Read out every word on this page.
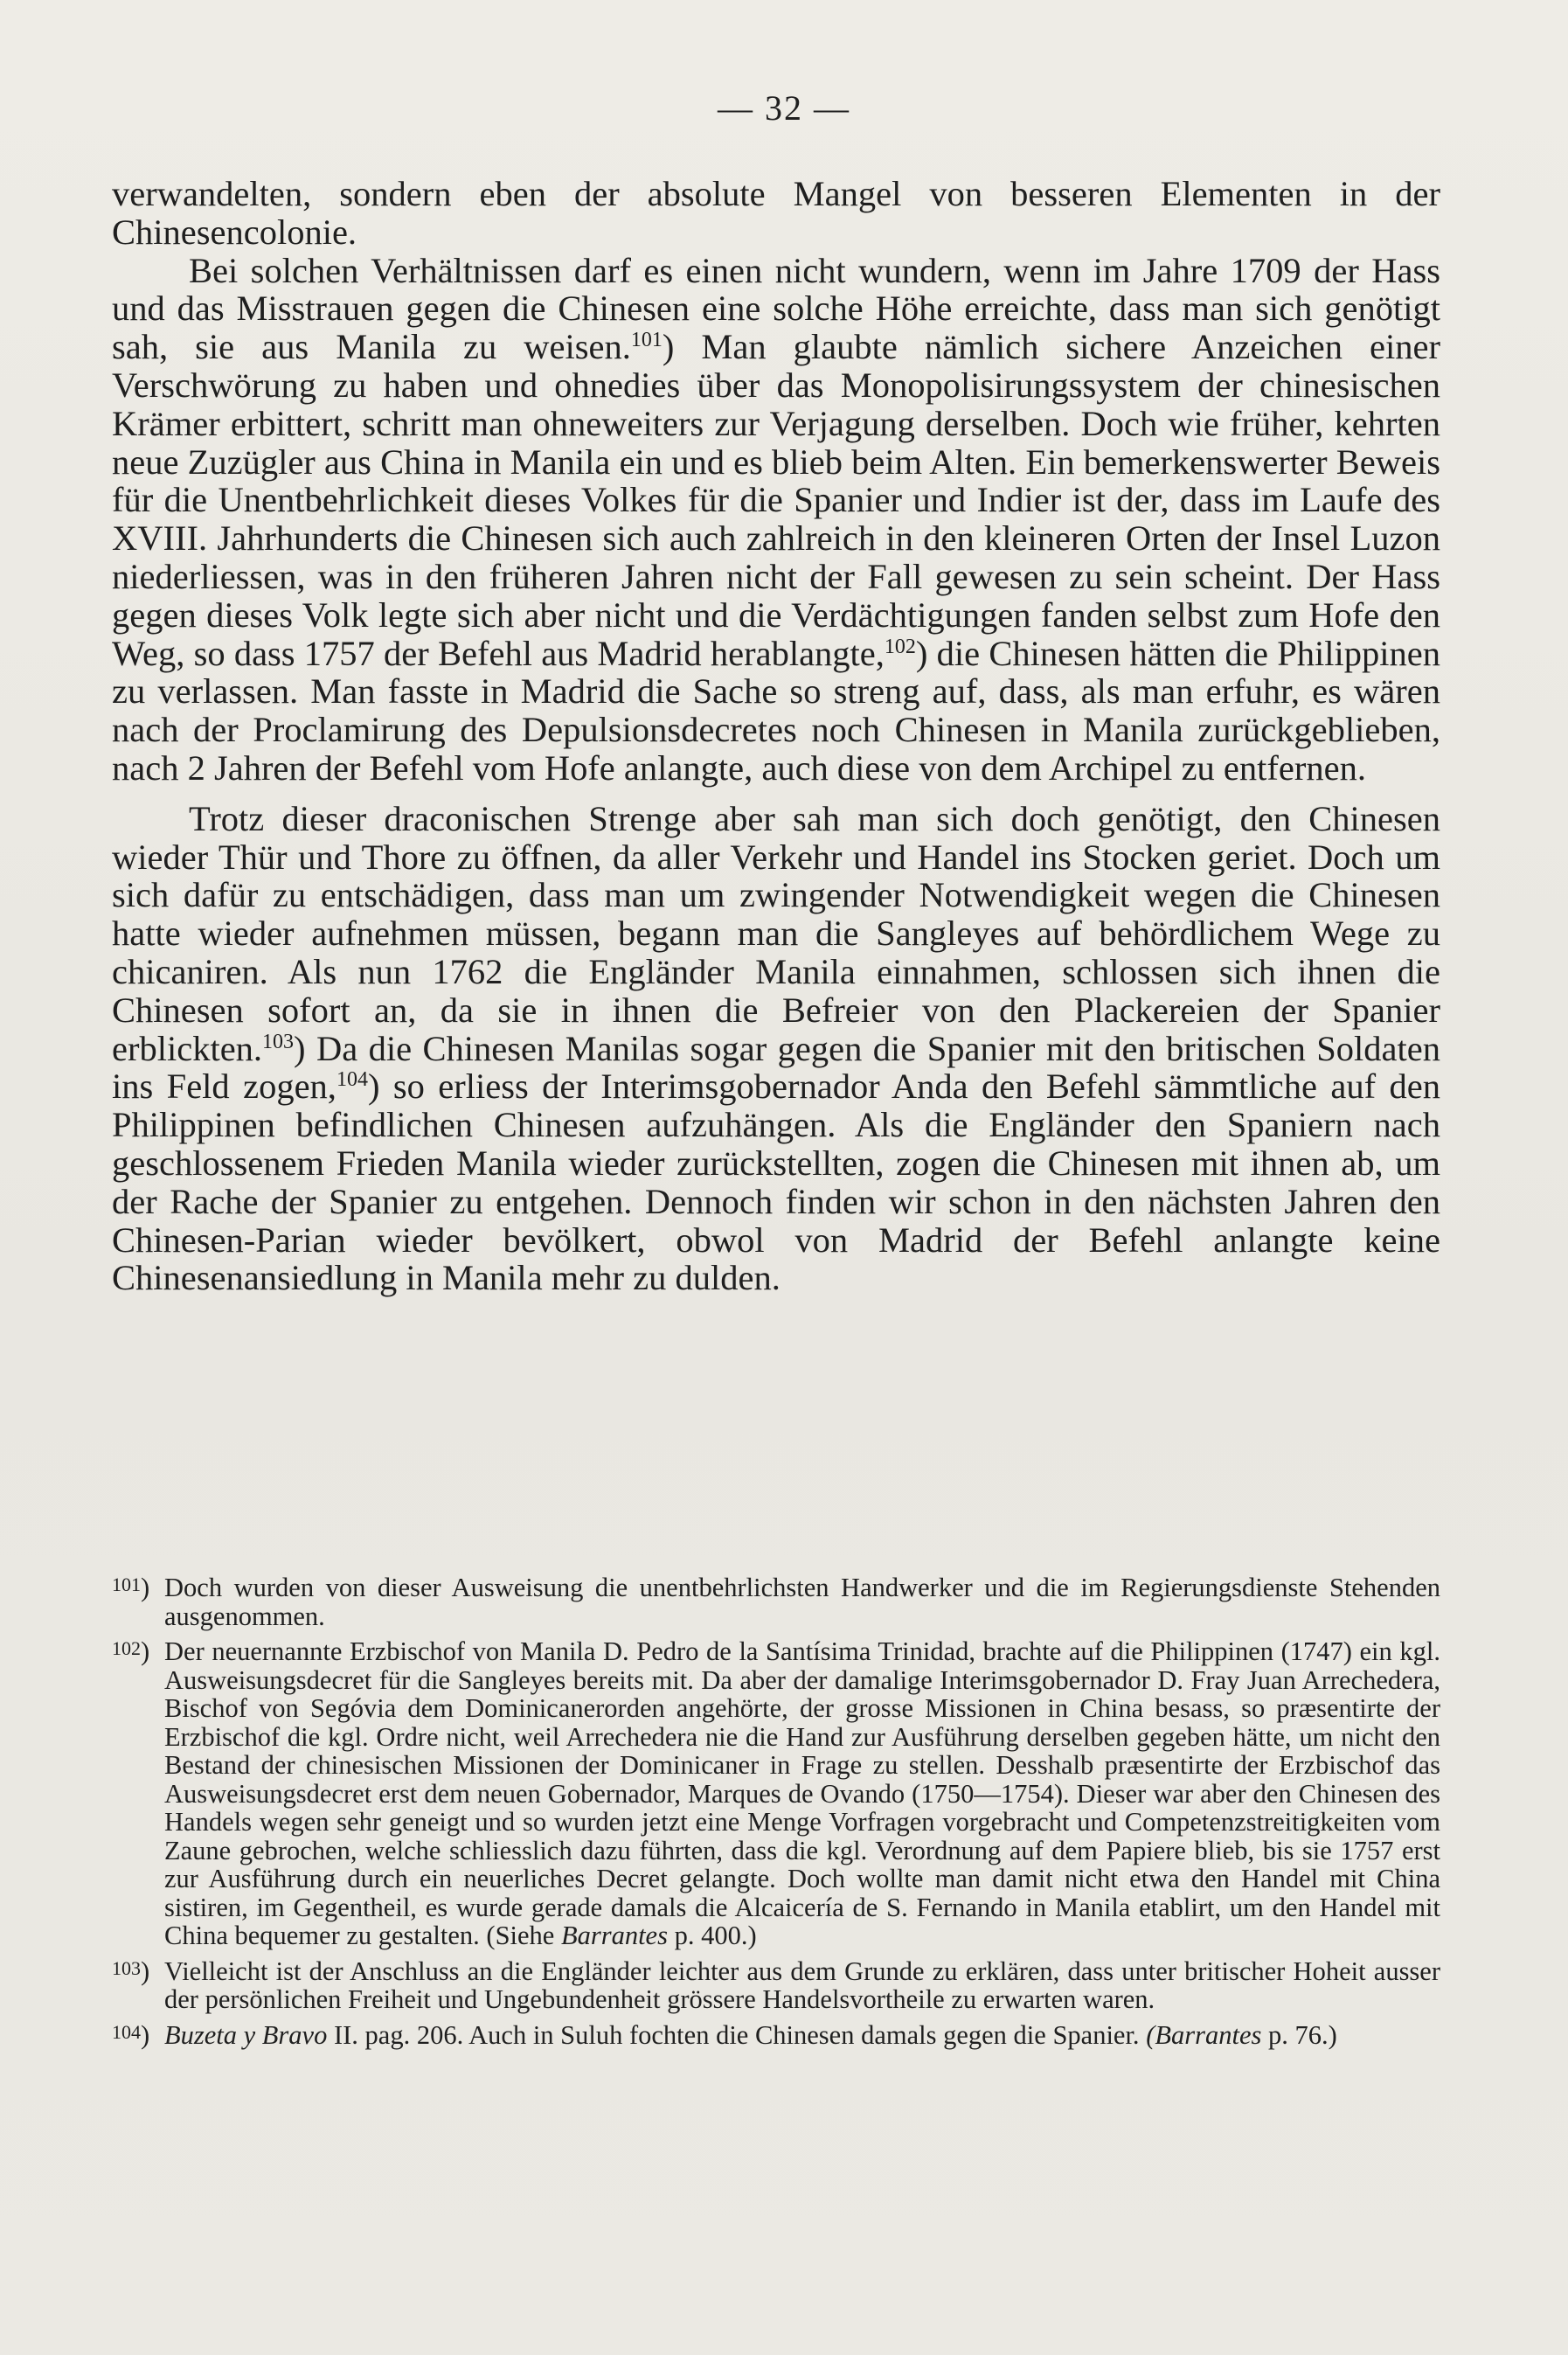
— 32 —

verwandelten, sondern eben der absolute Mangel von besseren Elementen in der Chinesencolonie.

Bei solchen Verhältnissen darf es einen nicht wundern, wenn im Jahre 1709 der Hass und das Misstrauen gegen die Chinesen eine solche Höhe erreichte, dass man sich genötigt sah, sie aus Manila zu weisen.$^{101}$) Man glaubte nämlich sichere Anzeichen einer Verschwörung zu haben und ohnedies über das Monopolisirungssystem der chinesischen Krämer erbittert, schritt man ohneweiters zur Verjagung derselben. Doch wie früher, kehrten neue Zuzügler aus China in Manila ein und es blieb beim Alten. Ein bemerkenswerter Beweis für die Unentbehrlichkeit dieses Volkes für die Spanier und Indier ist der, dass im Laufe des XVIII. Jahrhunderts die Chinesen sich auch zahlreich in den kleineren Orten der Insel Luzon niederliessen, was in den früheren Jahren nicht der Fall gewesen zu sein scheint. Der Hass gegen dieses Volk legte sich aber nicht und die Verdächtigungen fanden selbst zum Hofe den Weg, so dass 1757 der Befehl aus Madrid herablangte,$^{102}$) die Chinesen hätten die Philippinen zu verlassen. Man fasste in Madrid die Sache so streng auf, dass, als man erfuhr, es wären nach der Proclamirung des Depulsionsdecretes noch Chinesen in Manila zurückgeblieben, nach 2 Jahren der Befehl vom Hofe anlangte, auch diese von dem Archipel zu entfernen.

Trotz dieser draconischen Strenge aber sah man sich doch genötigt, den Chinesen wieder Thür und Thore zu öffnen, da aller Verkehr und Handel ins Stocken geriet. Doch um sich dafür zu entschädigen, dass man um zwingender Notwendigkeit wegen die Chinesen hatte wieder aufnehmen müssen, begann man die Sangleyes auf behördlichem Wege zu chicaniren. Als nun 1762 die Engländer Manila einnahmen, schlossen sich ihnen die Chinesen sofort an, da sie in ihnen die Befreier von den Plackereien der Spanier erblickten.$^{103}$) Da die Chinesen Manilas sogar gegen die Spanier mit den britischen Soldaten ins Feld zogen,$^{104}$) so erliess der Interimsgobernador Anda den Befehl sämmtliche auf den Philippinen befindlichen Chinesen aufzuhängen. Als die Engländer den Spaniern nach geschlossenem Frieden Manila wieder zurückstellten, zogen die Chinesen mit ihnen ab, um der Rache der Spanier zu entgehen. Dennoch finden wir schon in den nächsten Jahren den Chinesen-Parian wieder bevölkert, obwol von Madrid der Befehl anlangte keine Chinesenansiedlung in Manila mehr zu dulden.

101) Doch wurden von dieser Ausweisung die unentbehrlichsten Handwerker und die im Regierungsdienste Stehenden ausgenommen.
102) Der neuernannte Erzbischof von Manila D. Pedro de la Santísima Trinidad, brachte auf die Philippinen (1747) ein kgl. Ausweisungsdecret für die Sangleyes bereits mit. Da aber der damalige Interimsgobernador D. Fray Juan Arrechedera, Bischof von Segóvia dem Dominicanerorden angehörte, der grosse Missionen in China besass, so præsentirte der Erzbischof die kgl. Ordre nicht, weil Arrechedera nie die Hand zur Ausführung derselben gegeben hätte, um nicht den Bestand der chinesischen Missionen der Dominicaner in Frage zu stellen. Desshalb præsentirte der Erzbischof das Ausweisungsdecret erst dem neuen Gobernador, Marques de Ovando (1750—1754). Dieser war aber den Chinesen des Handels wegen sehr geneigt und so wurden jetzt eine Menge Vorfragen vorgebracht und Competenzstreitigkeiten vom Zaune gebrochen, welche schliesslich dazu führten, dass die kgl. Verordnung auf dem Papiere blieb, bis sie 1757 erst zur Ausführung durch ein neuerliches Decret gelangte. Doch wollte man damit nicht etwa den Handel mit China sistiren, im Gegentheil, es wurde gerade damals die Alcaicería de S. Fernando in Manila etablirt, um den Handel mit China bequemer zu gestalten. (Siehe Barrantes p. 400.)
103) Vielleicht ist der Anschluss an die Engländer leichter aus dem Grunde zu erklären, dass unter britischer Hoheit ausser der persönlichen Freiheit und Ungebundenheit grössere Handelsvortheile zu erwarten waren.
104) Buzeta y Bravo II. pag. 206. Auch in Suluh fochten die Chinesen damals gegen die Spanier. (Barrantes p. 76.)
